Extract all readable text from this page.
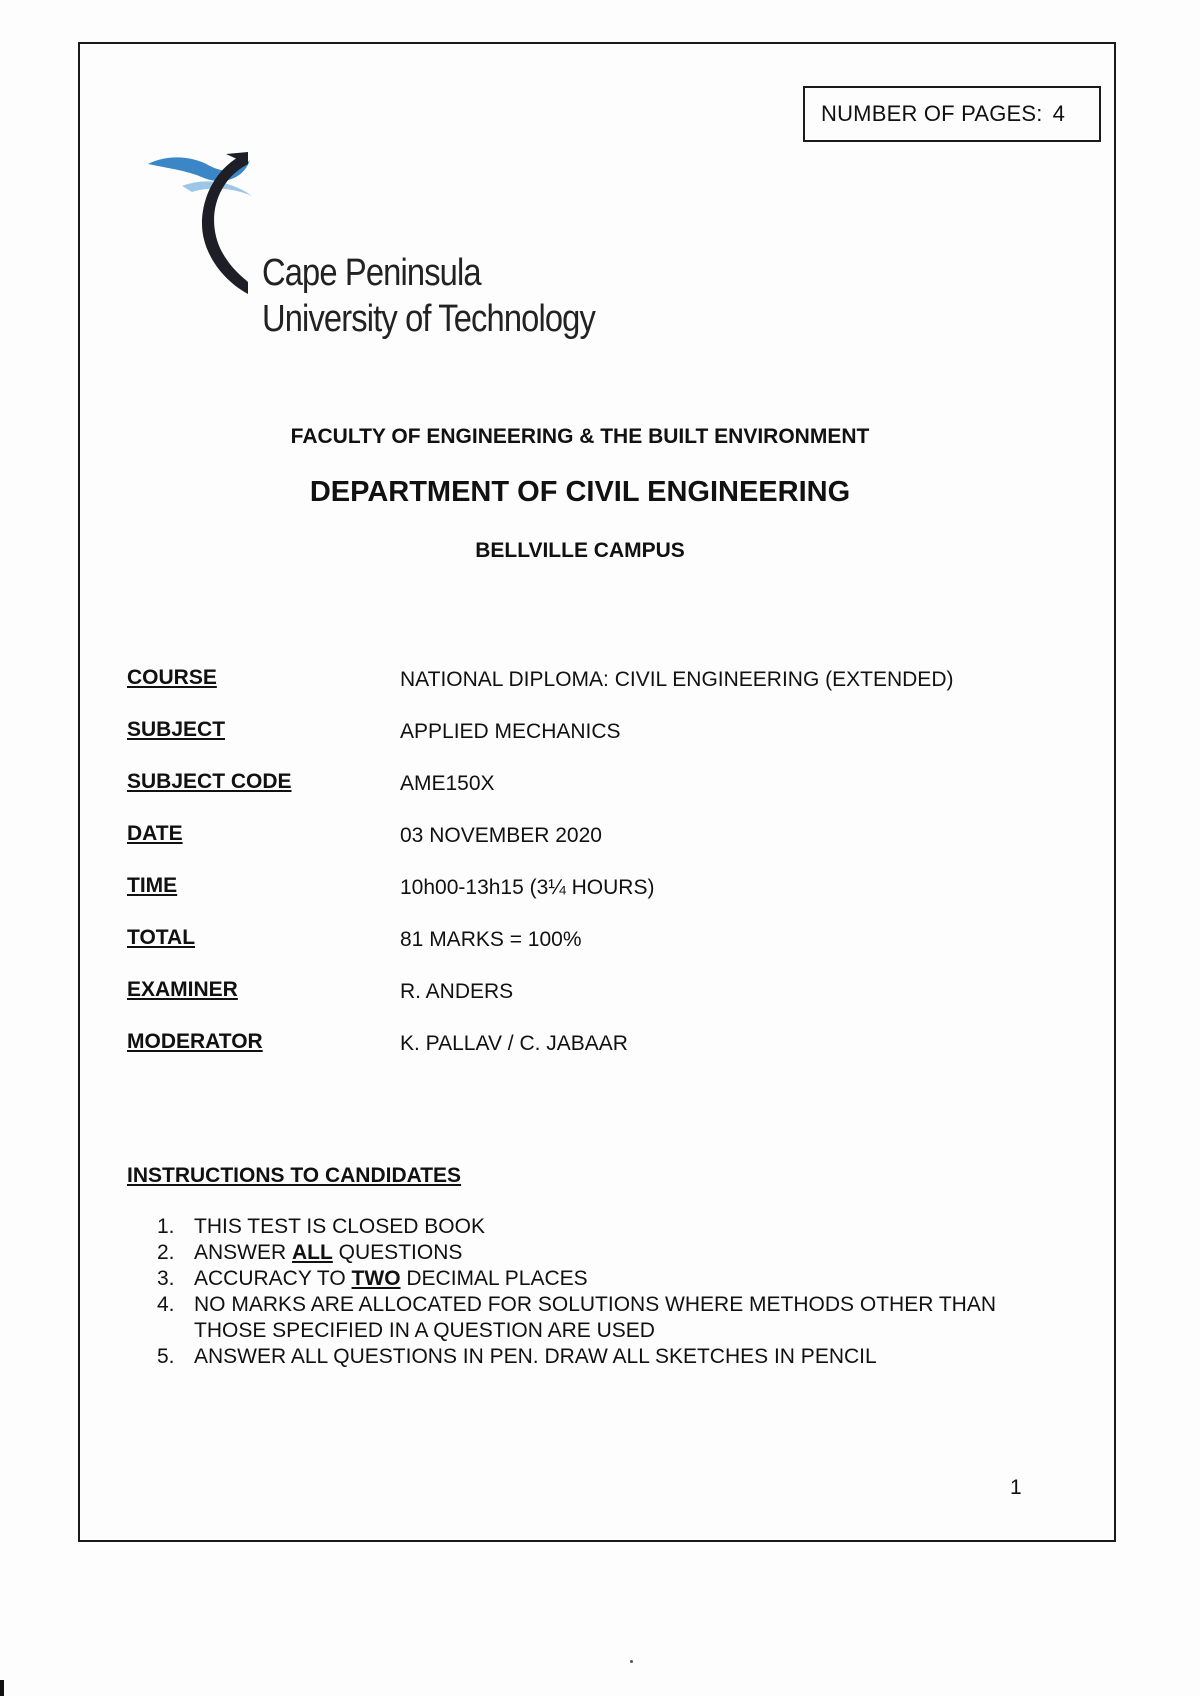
NUMBER OF PAGES: 4
Cape Peninsula
University of Technology
FACULTY OF ENGINEERING & THE BUILT ENVIRONMENT
DEPARTMENT OF CIVIL ENGINEERING
BELLVILLE CAMPUS
COURSE	NATIONAL DIPLOMA: CIVIL ENGINEERING (EXTENDED)
SUBJECT	APPLIED MECHANICS
SUBJECT CODE	AME150X
DATE	03 NOVEMBER 2020
TIME	10h00-13h15 (3¼ HOURS)
TOTAL	81 MARKS = 100%
EXAMINER	R. ANDERS
MODERATOR	K. PALLAV / C. JABAAR
INSTRUCTIONS TO CANDIDATES
1. THIS TEST IS CLOSED BOOK
2. ANSWER ALL QUESTIONS
3. ACCURACY TO TWO DECIMAL PLACES
4. NO MARKS ARE ALLOCATED FOR SOLUTIONS WHERE METHODS OTHER THAN THOSE SPECIFIED IN A QUESTION ARE USED
5. ANSWER ALL QUESTIONS IN PEN. DRAW ALL SKETCHES IN PENCIL
1
